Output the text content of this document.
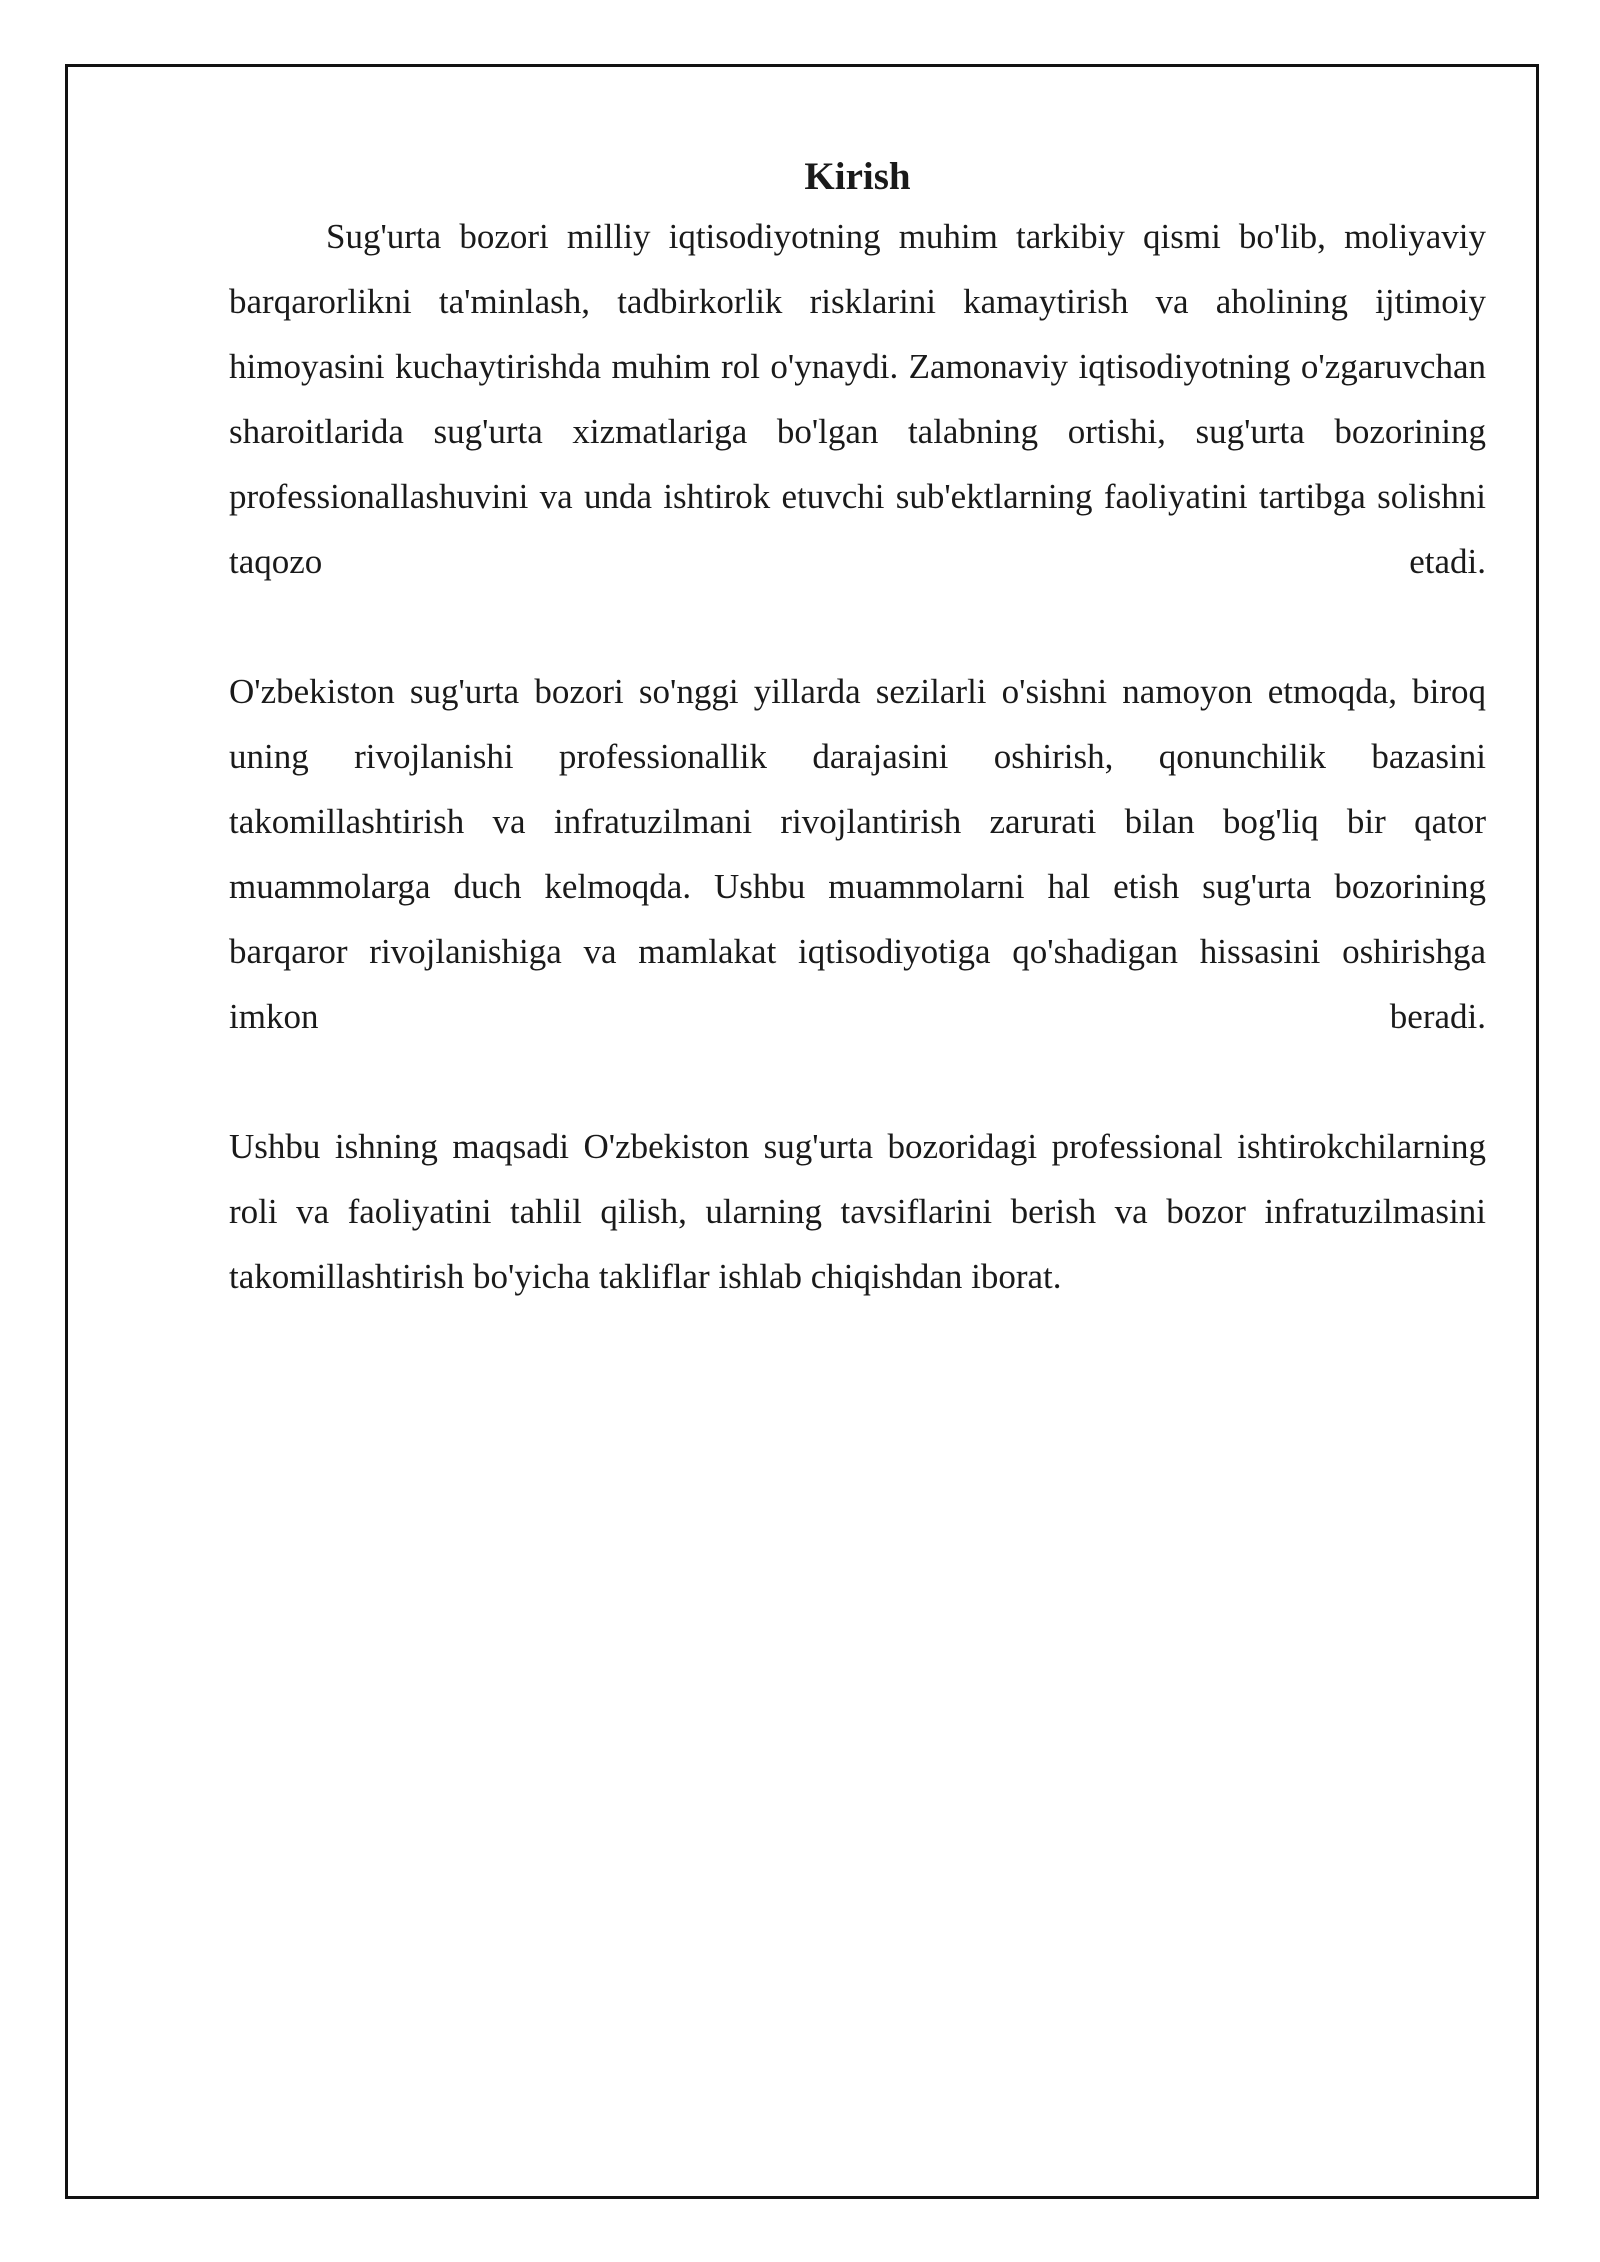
Kirish

Sug'urta bozori milliy iqtisodiyotning muhim tarkibiy qismi bo'lib, moliyaviy barqarorlikni ta'minlash, tadbirkorlik risklarini kamaytirish va aholining ijtimoiy himoyasini kuchaytirishda muhim rol o'ynaydi. Zamonaviy iqtisodiyotning o'zgaruvchan sharoitlarida sug'urta xizmatlariga bo'lgan talabning ortishi, sug'urta bozorining professionallashuvini va unda ishtirok etuvchi sub'ektlarning faoliyatini tartibga solishni taqozo etadi.

O'zbekiston sug'urta bozori so'nggi yillarda sezilarli o'sishni namoyon etmoqda, biroq uning rivojlanishi professionallik darajasini oshirish, qonunchilik bazasini takomillashtirish va infratuzilmani rivojlantirish zarurati bilan bog'liq bir qator muammolarga duch kelmoqda. Ushbu muammolarni hal etish sug'urta bozorining barqaror rivojlanishiga va mamlakat iqtisodiyotiga qo'shadigan hissasini oshirishga imkon beradi.

Ushbu ishning maqsadi O'zbekiston sug'urta bozoridagi professional ishtirokchilarning roli va faoliyatini tahlil qilish, ularning tavsiflarini berish va bozor infratuzilmasini takomillashtirish bo'yicha takliflar ishlab chiqishdan iborat.
